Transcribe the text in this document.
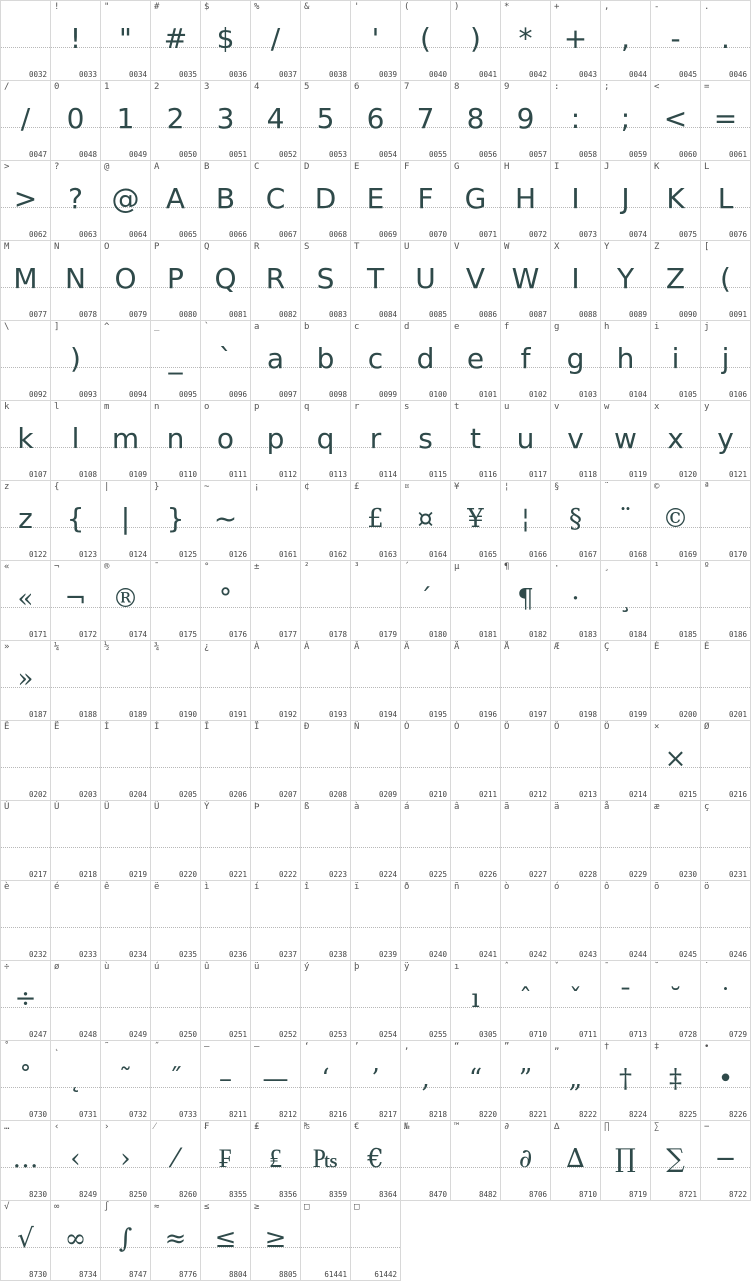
0032
!
!
0033
"
"
0034
#
#
0035
$
$
0036
%
/
0037
&
0038
'
'
0039
(
(
0040
)
)
0041
*
*
0042
+
+
0043
,
,
0044
-
-
0045
.
.
0046
/
/
0047
0
0
0048
1
1
0049
2
2
0050
3
3
0051
4
4
0052
5
5
0053
6
6
0054
7
7
0055
8
8
0056
9
9
0057
:
:
0058
;
;
0059
<
<
0060
=
=
0061
>
>
0062
?
?
0063
@
@
0064
A
A
0065
B
B
0066
C
C
0067
D
D
0068
E
E
0069
F
F
0070
G
G
0071
H
H
0072
I
I
0073
J
J
0074
K
K
0075
L
L
0076
M
M
0077
N
N
0078
O
O
0079
P
P
0080
Q
Q
0081
R
R
0082
S
S
0083
T
T
0084
U
U
0085
V
V
0086
W
W
0087
X
I
0088
Y
Y
0089
Z
Z
0090
[
(
0091
\
0092
]
)
0093
^
0094
_
_
0095
`
`
0096
a
a
0097
b
b
0098
c
c
0099
d
d
0100
e
e
0101
f
f
0102
g
g
0103
h
h
0104
i
i
0105
j
j
0106
k
k
0107
l
l
0108
m
m
0109
n
n
0110
o
o
0111
p
p
0112
q
q
0113
r
r
0114
s
s
0115
t
t
0116
u
u
0117
v
v
0118
w
w
0119
x
x
0120
y
y
0121
z
z
0122
{
{
0123
|
|
0124
}
}
0125
~
~
0126
¡
0161
¢
0162
£
£
0163
¤
¤
0164
¥
¥
0165
¦
¦
0166
§
§
0167
¨
¨
0168
©
©
0169
ª
0170
«
«
0171
¬
¬
0172
®
®
0174
¯
0175
°
°
0176
±
0177
²
0178
³
0179
´
´
0180
µ
0181
¶
¶
0182
·
·
0183
¸
¸
0184
¹
0185
º
0186
»
»
0187
¼
0188
½
0189
¾
0190
¿
0191
À
0192
Á
0193
Â
0194
Ã
0195
Ä
0196
Å
0197
Æ
0198
Ç
0199
È
0200
É
0201
Ê
0202
Ë
0203
Ì
0204
Í
0205
Î
0206
Ï
0207
Ð
0208
Ñ
0209
Ò
0210
Ó
0211
Ô
0212
Õ
0213
Ö
0214
×
×
0215
Ø
0216
Ù
0217
Ú
0218
Û
0219
Ü
0220
Ý
0221
Þ
0222
ß
0223
à
0224
á
0225
â
0226
ã
0227
ä
0228
å
0229
æ
0230
ç
0231
è
0232
é
0233
ê
0234
ë
0235
ì
0236
í
0237
î
0238
ï
0239
ð
0240
ñ
0241
ò
0242
ó
0243
ô
0244
õ
0245
ö
0246
÷
÷
0247
ø
0248
ù
0249
ú
0250
û
0251
ü
0252
ý
0253
þ
0254
ÿ
0255
ı
ı
0305
ˆ
ˆ
0710
ˇ
ˇ
0711
ˉ
ˉ
0713
˘
˘
0728
˙
˙
0729
˚
˚
0730
˛
˛
0731
˜
˜
0732
˝
˝
0733
–
–
8211
—
—
8212
‘
‘
8216
’
’
8217
‚
‚
8218
“
“
8220
”
”
8221
„
„
8222
†
†
8224
‡
‡
8225
•
•
8226
…
…
8230
‹
‹
8249
›
›
8250
⁄
⁄
8260
₣
₣
8355
₤
₤
8356
₧
₧
8359
€
€
8364
№
8470
™
8482
∂
∂
8706
∆
∆
8710
∏
∏
8719
∑
∑
8721
−
−
8722
√
√
8730
∞
∞
8734
∫
∫
8747
≈
≈
8776
≤
≤
8804
≥
≥
8805
□
61441
□
61442
